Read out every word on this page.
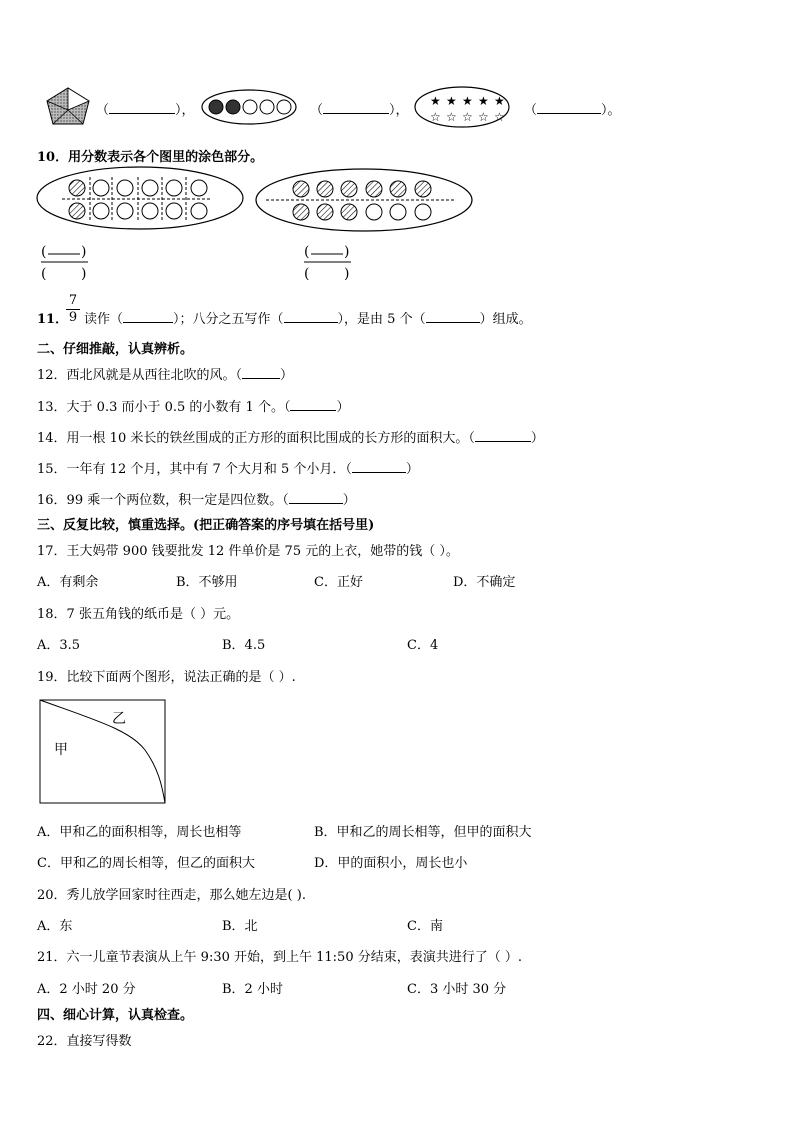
★ ★ ★ ★ ★
☆ ☆ ☆ ☆ ☆
( )
( )
( )
( )
（	），	（	），	（	）。
10．用分数表示各个图里的涂色部分。
11．
7
9 读作（	）；八分之五写作（	），是由 5 个（	）组成。
二、仔细推敲，认真辨析。
12．西北风就是从西往北吹的风。（	）
13．大于 0.3 而小于 0.5 的小数有 1 个。（	）
14．用一根 10 米长的铁丝围成的正方形的面积比围成的长方形的面积大。（	）
15．一年有 12 个月，其中有 7 个大月和 5 个小月．（	）
16．99 乘一个两位数，积一定是四位数。（	）
三、反复比较，慎重选择。(把正确答案的序号填在括号里)
17．王大妈带 900 钱要批发 12 件单价是 75 元的上衣，她带的钱（ ）。
A．有剩余	B．不够用	C．正好	D．不确定
18．7 张五角钱的纸币是（ ）元。
A．3.5	B．4.5	C．4
19．比较下面两个图形，说法正确的是（ ）.
乙
甲
A．甲和乙的面积相等，周长也相等	B．甲和乙的周长相等，但甲的面积大
C．甲和乙的周长相等，但乙的面积大	D．甲的面积小，周长也小
20．秀儿放学回家时往西走，那么她左边是( ).
A．东	B．北	C．南
21．六一儿童节表演从上午 9:30 开始，到上午 11:50 分结束，表演共进行了（ ）.
A．2 小时 20 分	B．2 小时	C．3 小时 30 分
四、细心计算，认真检查。
22．直接写得数
